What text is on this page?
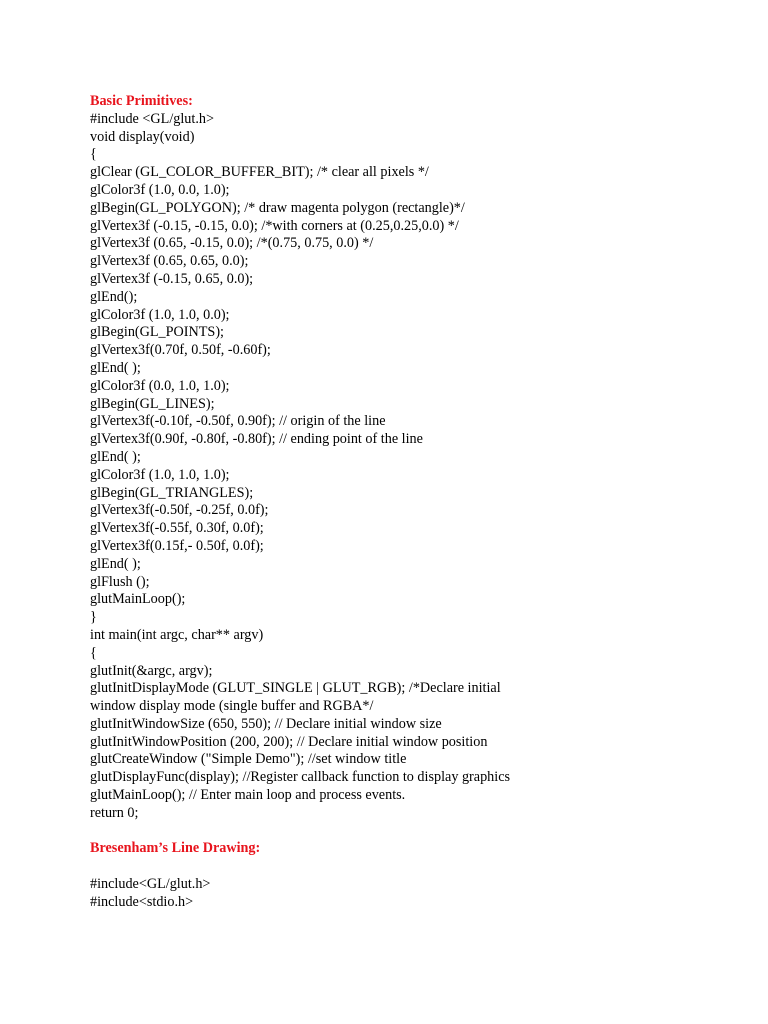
Basic Primitives:
#include <GL/glut.h>
void display(void)
{
glClear (GL_COLOR_BUFFER_BIT); /* clear all pixels */
glColor3f (1.0, 0.0, 1.0);
glBegin(GL_POLYGON); /* draw magenta polygon (rectangle)*/
glVertex3f (-0.15, -0.15, 0.0); /*with corners at (0.25,0.25,0.0) */
glVertex3f (0.65, -0.15, 0.0); /*(0.75, 0.75, 0.0) */
glVertex3f (0.65, 0.65, 0.0);
glVertex3f (-0.15, 0.65, 0.0);
glEnd();
glColor3f (1.0, 1.0, 0.0);
glBegin(GL_POINTS);
glVertex3f(0.70f, 0.50f, -0.60f);
glEnd( );
glColor3f (0.0, 1.0, 1.0);
glBegin(GL_LINES);
glVertex3f(-0.10f, -0.50f, 0.90f); // origin of the line
glVertex3f(0.90f, -0.80f, -0.80f); // ending point of the line
glEnd( );
glColor3f (1.0, 1.0, 1.0);
glBegin(GL_TRIANGLES);
glVertex3f(-0.50f, -0.25f, 0.0f);
glVertex3f(-0.55f, 0.30f, 0.0f);
glVertex3f(0.15f,- 0.50f, 0.0f);
glEnd( );
glFlush ();
glutMainLoop();
}
int main(int argc, char** argv)
{
glutInit(&argc, argv);
glutInitDisplayMode (GLUT_SINGLE | GLUT_RGB); /*Declare initial
window display mode (single buffer and RGBA*/
glutInitWindowSize (650, 550); // Declare initial window size
glutInitWindowPosition (200, 200); // Declare initial window position
glutCreateWindow ("Simple Demo"); //set window title
glutDisplayFunc(display); //Register callback function to display graphics
glutMainLoop(); // Enter main loop and process events.
return 0;
Bresenham’s Line Drawing:
#include<GL/glut.h>
#include<stdio.h>
